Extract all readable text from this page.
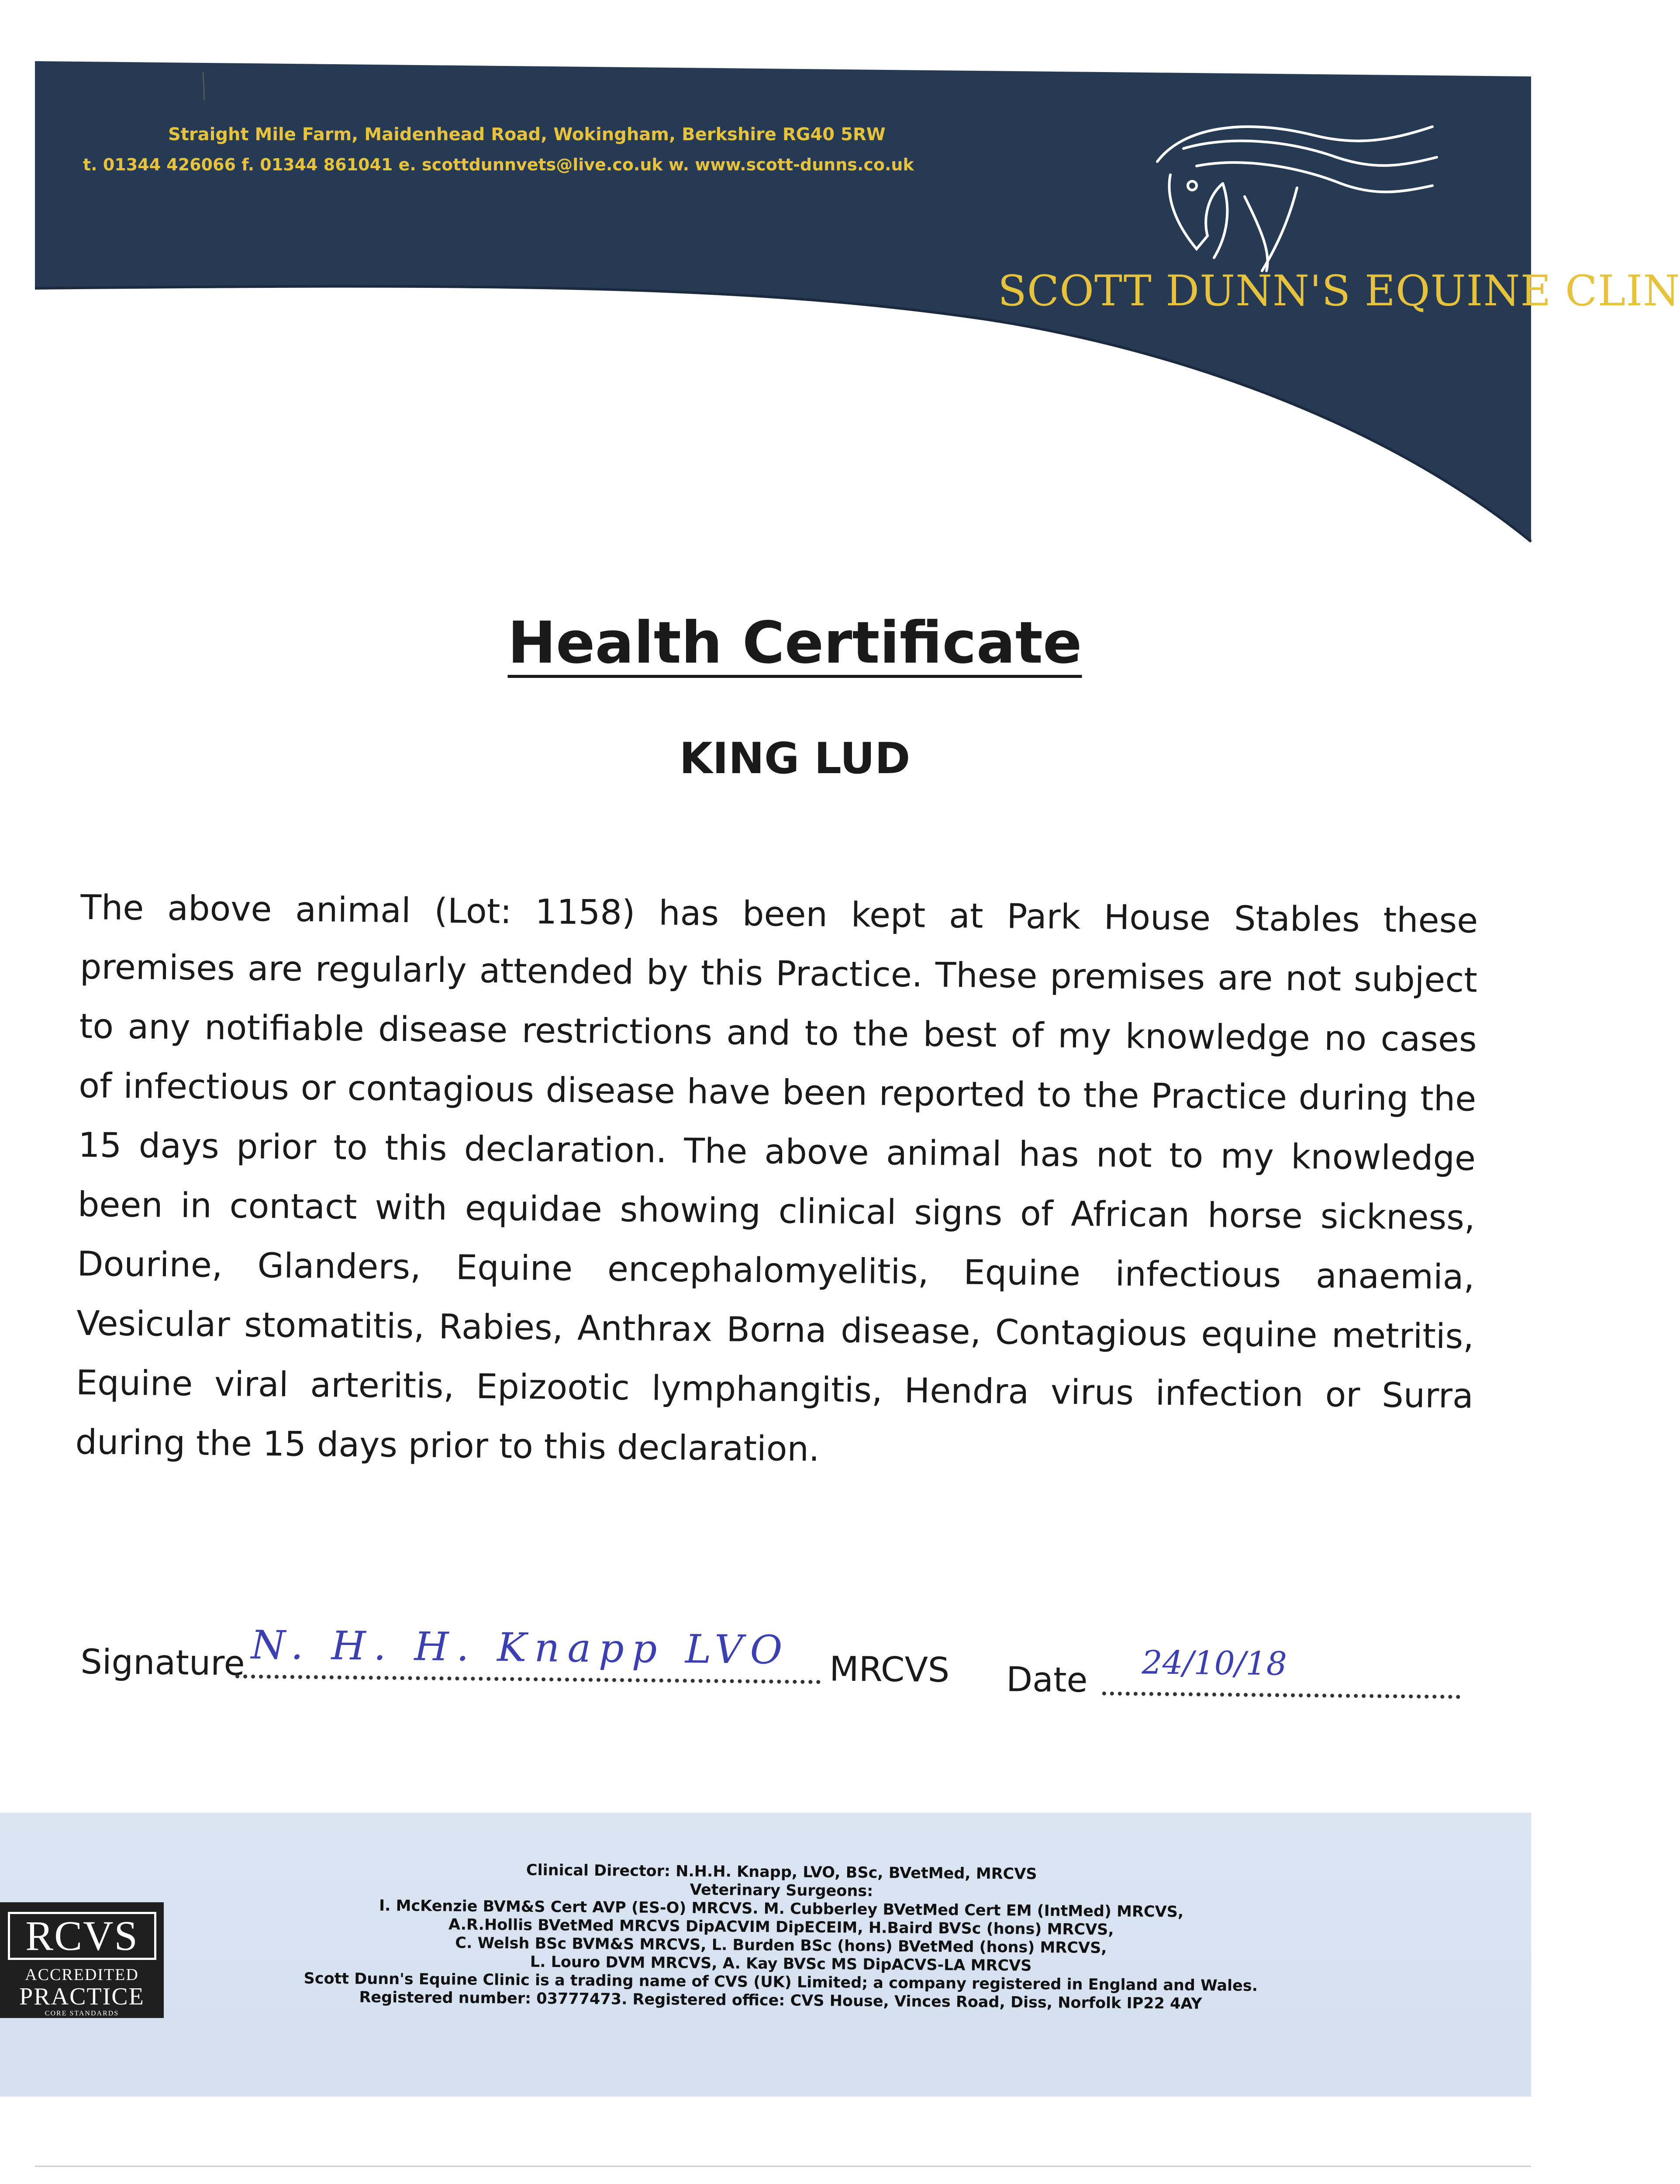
Straight Mile Farm, Maidenhead Road, Wokingham, Berkshire RG40 5RW
t. 01344 426066 f. 01344 861041 e. scottdunnvets@live.co.uk w. www.scott-dunns.co.uk
SCOTT DUNN'S EQUINE CLIN
Health Certificate
KING LUD
The above animal (Lot: 1158) has been kept at Park House Stables these premises are regularly attended by this Practice. These premises are not subject to any notifiable disease restrictions and to the best of my knowledge no cases of infectious or contagious disease have been reported to the Practice during the 15 days prior to this declaration. The above animal has not to my knowledge been in contact with equidae showing clinical signs of African horse sickness, Dourine, Glanders, Equine encephalomyelitis, Equine infectious anaemia, Vesicular stomatitis, Rabies, Anthrax Borna disease, Contagious equine metritis, Equine viral arteritis, Epizootic lymphangitis, Hendra virus infection or Surra during the 15 days prior to this declaration.
Signature N. H. H. Knapp LVO MRCVS Date 24/10/18
RCVS
ACCREDITED
PRACTICE
CORE STANDARDS
Clinical Director: N.H.H. Knapp, LVO, BSc, BVetMed, MRCVS
Veterinary Surgeons:
I. McKenzie BVM&S Cert AVP (ES-O) MRCVS. M. Cubberley BVetMed Cert EM (IntMed) MRCVS,
A.R.Hollis BVetMed MRCVS DipACVIM DipECEIM, H.Baird BVSc (hons) MRCVS,
C. Welsh BSc BVM&S MRCVS, L. Burden BSc (hons) BVetMed (hons) MRCVS,
L. Louro DVM MRCVS, A. Kay BVSc MS DipACVS-LA MRCVS
Scott Dunn's Equine Clinic is a trading name of CVS (UK) Limited; a company registered in England and Wales.
Registered number: 03777473. Registered office: CVS House, Vinces Road, Diss, Norfolk IP22 4AY
